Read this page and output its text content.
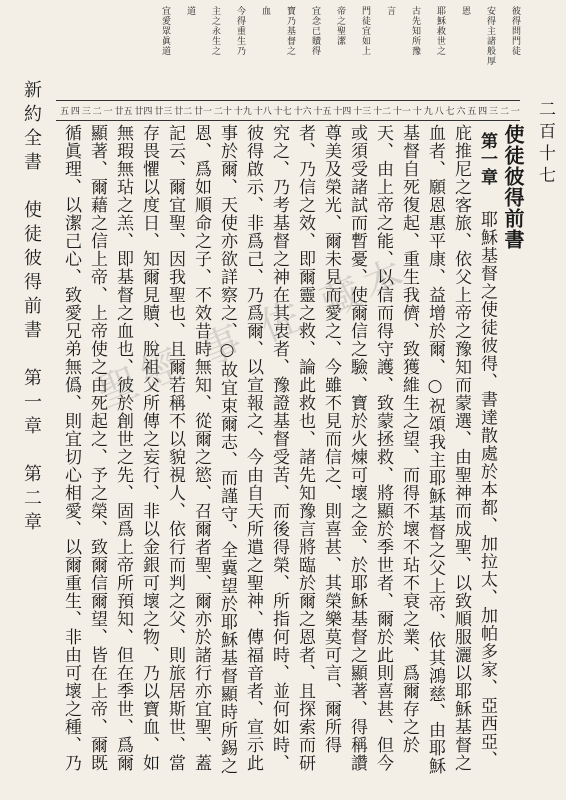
彼得問門徒
安得主諸般厚
恩
耶穌救世之
古先知所豫
言
門徒宜如上
帝之聖潔
宜念已贖得
寶乃基督之
血
今得重生乃
主之永生之
道
宜愛眾眞道
一
二
三
四
五
六
七
八
九
十
十一
十二
十三
十四
十五
十六
十七
十八
十九
二十
廿一
廿二
廿三
廿四
廿五
一
二
三
四
五
新約全書　使徒彼得前書　第一章　第二章	二百十七
使徒彼得前書
第一章　 耶穌基督之使徒彼得、書達散處於本都、加拉太、加帕多家、亞西亞、庇推尼之客旅、依父上帝之豫知而蒙選、由聖神而成聖、以致順服灑以耶穌基督之血者、願恩惠平康、益增於爾、○祝頌我主耶穌基督之父上帝、依其鴻慈、由耶穌基督自死復起、重生我儕、致獲維生之望、而得不壞不玷不衰之業、爲爾存之於天、由上帝之能、以信而得守護、致蒙拯救、將顯於季世者、爾於此則喜甚、但今或須受諸試而暫憂、使爾信之驗、寶於火煉可壞之金、於耶穌基督之顯著、得稱讚尊美及榮光、爾未見而愛之、今雖不見而信之、則喜甚、其榮樂莫可言、爾所得者、乃信之效、即爾靈之救、論此救也、諸先知豫言將臨於爾之恩者、且探索而研究之、乃考基督之神在其衷者、豫證基督受苦、而後得榮、所指何時、並何如時、彼得啟示、非爲己、乃爲爾、以宣報之、今由自天所遣之聖神、傳福音者、宣示此事於爾、天使亦欲詳察之、○故宜束爾志、而謹守、全冀望於耶穌基督顯時所錫之恩、爲如順命之子、不效昔時無知、從爾之慾、召爾者聖、爾亦於諸行亦宜聖、蓋記云、爾宜聖、因我聖也、且爾若稱不以貌視人、依行而判之父、則旅居斯世、當存畏懼以度日、知爾見贖、脫祖父所傳之妄行、非以金銀可壞之物、乃以寶血、如無瑕無玷之羔、即基督之血也、彼於創世之先、固爲上帝所預知、但在季世、爲爾顯著、爾藉之信上帝、上帝使之由死起之、予之榮、致爾信爾望、皆在上帝、爾既循眞理、以潔己心、致愛兄弟無僞、則宜切心相愛、以爾重生、非由可壞之種、乃

聖經 事 佐 藏本
